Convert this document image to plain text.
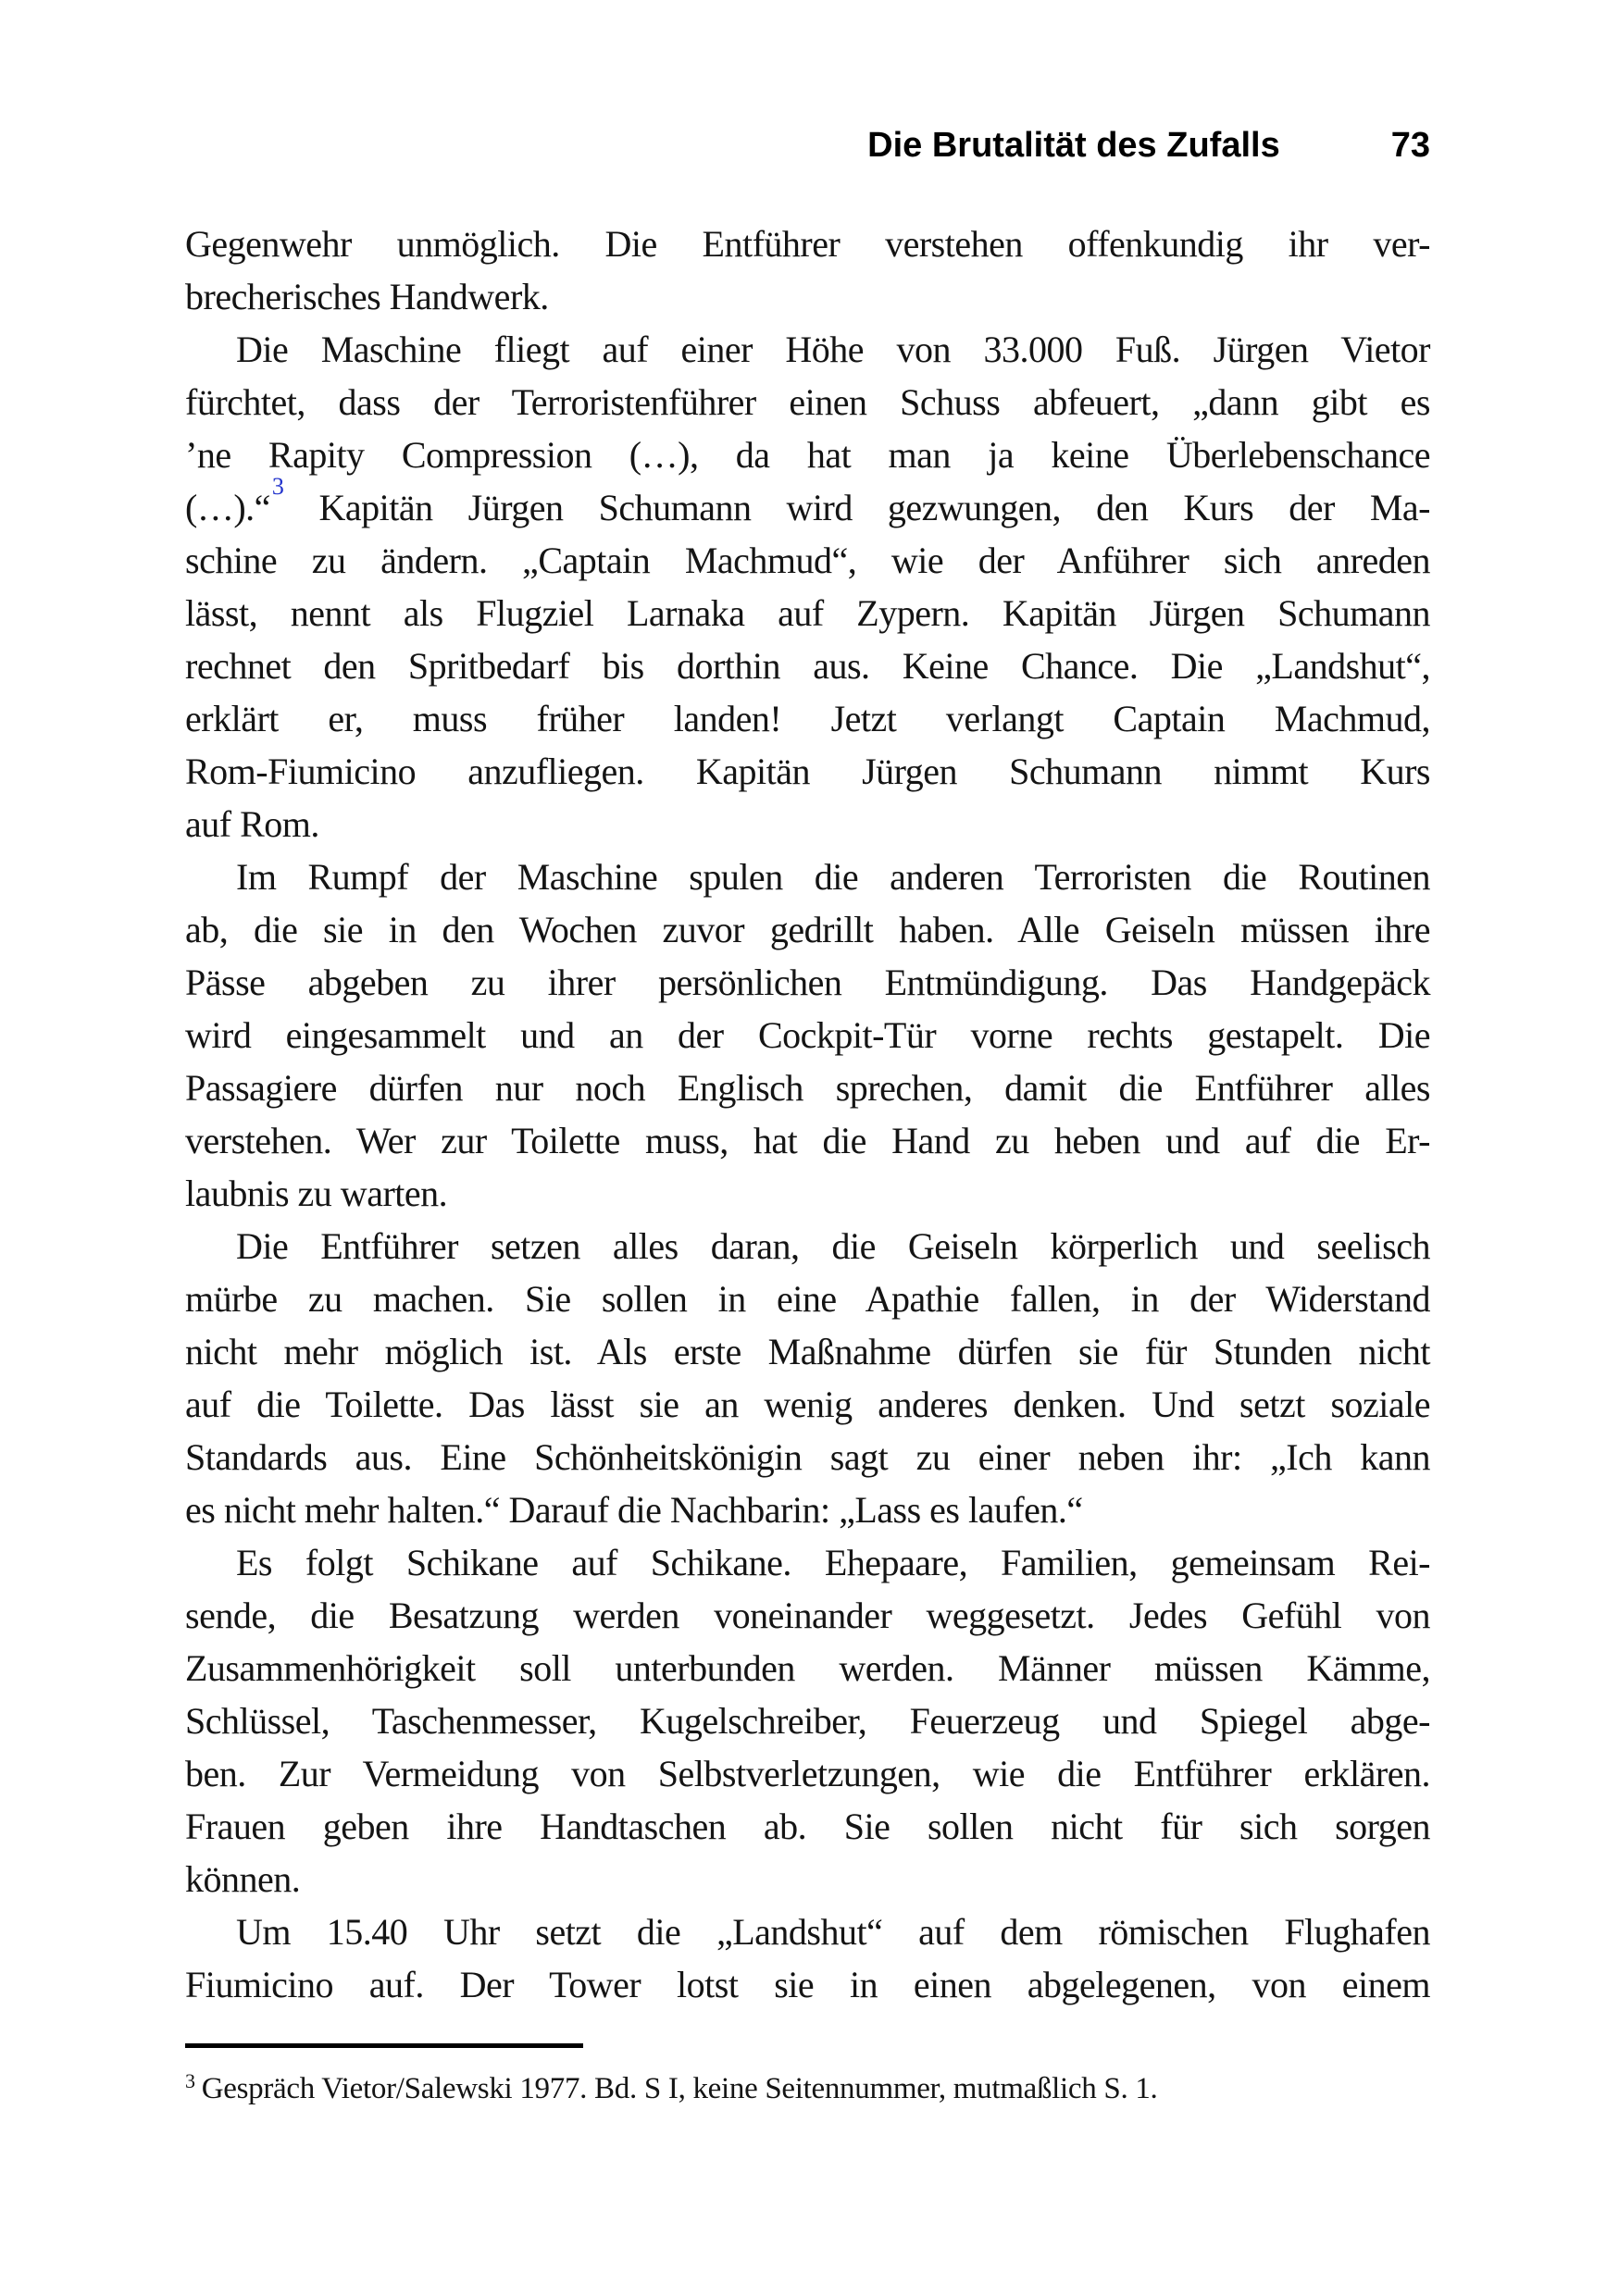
Die Brutalität des Zufalls	73
Gegenwehr unmöglich. Die Entführer verstehen offenkundig ihr ver-
brecherisches Handwerk.
Die Maschine fliegt auf einer Höhe von 33.000 Fuß. Jürgen Vietor
fürchtet, dass der Terroristenführer einen Schuss abfeuert, „dann gibt es
’ne Rapity Compression (…), da hat man ja keine Überlebenschance
(…).“$^3$ Kapitän Jürgen Schumann wird gezwungen, den Kurs der Ma-
schine zu ändern. „Captain Machmud“, wie der Anführer sich anreden
lässt, nennt als Flugziel Larnaka auf Zypern. Kapitän Jürgen Schumann
rechnet den Spritbedarf bis dorthin aus. Keine Chance. Die „Landshut“,
erklärt er, muss früher landen! Jetzt verlangt Captain Machmud,
Rom-Fiumicino anzufliegen. Kapitän Jürgen Schumann nimmt Kurs
auf Rom.
Im Rumpf der Maschine spulen die anderen Terroristen die Routinen
ab, die sie in den Wochen zuvor gedrillt haben. Alle Geiseln müssen ihre
Pässe abgeben zu ihrer persönlichen Entmündigung. Das Handgepäck
wird eingesammelt und an der Cockpit-Tür vorne rechts gestapelt. Die
Passagiere dürfen nur noch Englisch sprechen, damit die Entführer alles
verstehen. Wer zur Toilette muss, hat die Hand zu heben und auf die Er-
laubnis zu warten.
Die Entführer setzen alles daran, die Geiseln körperlich und seelisch
mürbe zu machen. Sie sollen in eine Apathie fallen, in der Widerstand
nicht mehr möglich ist. Als erste Maßnahme dürfen sie für Stunden nicht
auf die Toilette. Das lässt sie an wenig anderes denken. Und setzt soziale
Standards aus. Eine Schönheitskönigin sagt zu einer neben ihr: „Ich kann
es nicht mehr halten.“ Darauf die Nachbarin: „Lass es laufen.“
Es folgt Schikane auf Schikane. Ehepaare, Familien, gemeinsam Rei-
sende, die Besatzung werden voneinander weggesetzt. Jedes Gefühl von
Zusammenhörigkeit soll unterbunden werden. Männer müssen Kämme,
Schlüssel, Taschenmesser, Kugelschreiber, Feuerzeug und Spiegel abge-
ben. Zur Vermeidung von Selbstverletzungen, wie die Entführer erklären.
Frauen geben ihre Handtaschen ab. Sie sollen nicht für sich sorgen
können.
Um 15.40 Uhr setzt die „Landshut“ auf dem römischen Flughafen
Fiumicino auf. Der Tower lotst sie in einen abgelegenen, von einem
$^3$ Gespräch Vietor/Salewski 1977. Bd. S I, keine Seitennummer, mutmaßlich S. 1.
